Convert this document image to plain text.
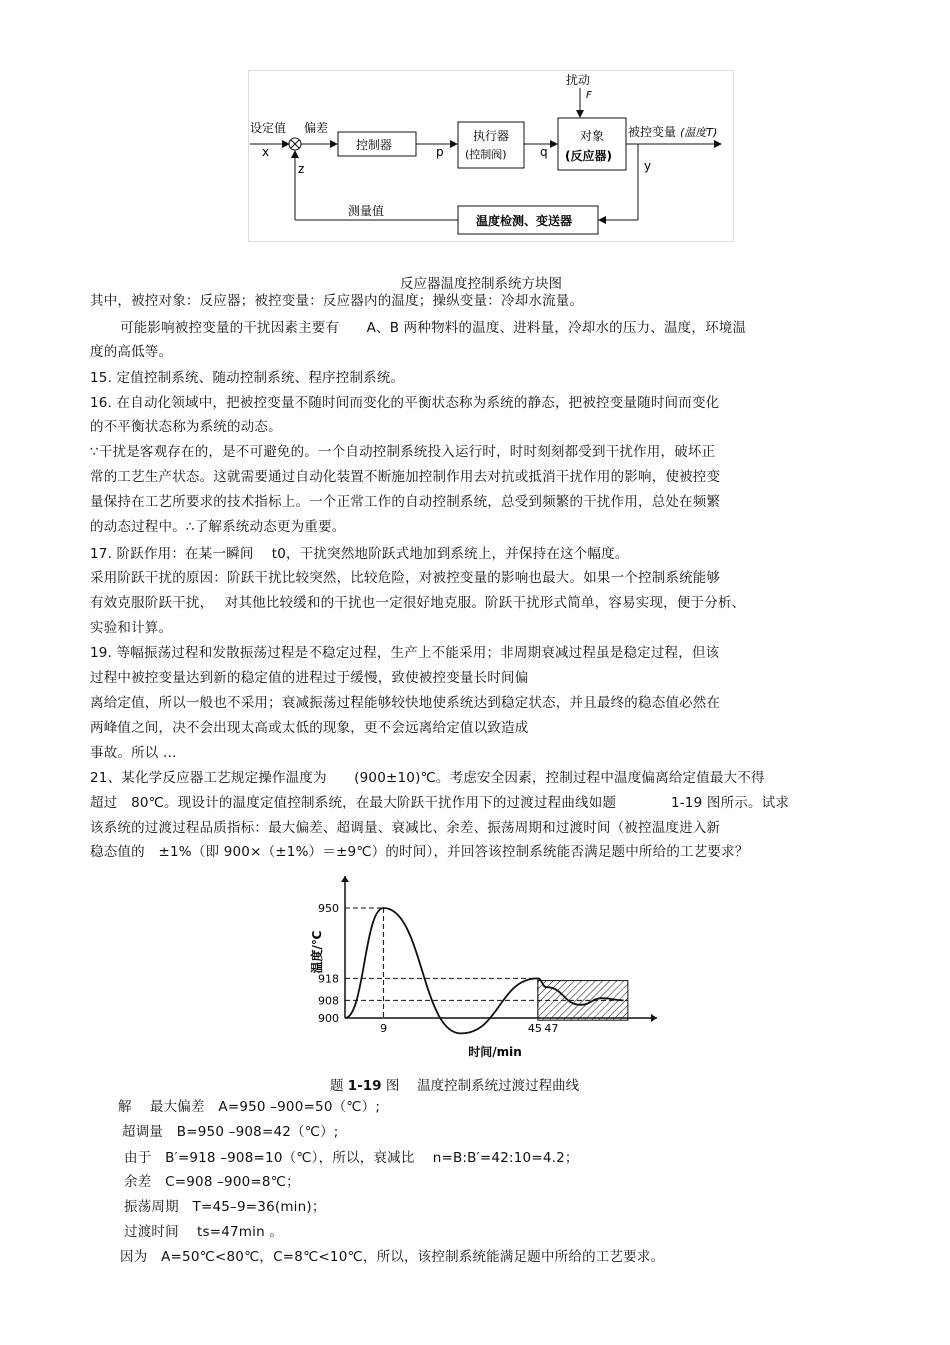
扰动
F
设定值
x
偏差
z
控制器	p
执行器
(控制阀)	q
对象
(反应器)
被控变量 (温度T)
y
温度检测、变送器
测量值
反应器温度控制系统方块图
其中，被控对象：反应器；被控变量：反应器内的温度；操纵变量：冷却水流量。
可能影响被控变量的干扰因素主要有　　A、B 两种物料的温度、进料量，冷却水的压力、温度，环境温
度的高低等。
15. 定值控制系统、随动控制系统、程序控制系统。
16. 在自动化领域中，把被控变量不随时间而变化的平衡状态称为系统的静态，把被控变量随时间而变化
的不平衡状态称为系统的动态。
∵干扰是客观存在的，是不可避免的。一个自动控制系统投入运行时，时时刻刻都受到干扰作用，破坏正
常的工艺生产状态。这就需要通过自动化装置不断施加控制作用去对抗或抵消干扰作用的影响，使被控变
量保持在工艺所要求的技术指标上。一个正常工作的自动控制系统，总受到频繁的干扰作用，总处在频繁
的动态过程中。∴了解系统动态更为重要。
17. 阶跃作用：在某一瞬间　 t0，干扰突然地阶跃式地加到系统上，并保持在这个幅度。
采用阶跃干扰的原因：阶跃干扰比较突然，比较危险，对被控变量的影响也最大。如果一个控制系统能够
有效克服阶跃干扰，　 对其他比较缓和的干扰也一定很好地克服。阶跃干扰形式简单，容易实现，便于分析、
实验和计算。
19. 等幅振荡过程和发散振荡过程是不稳定过程，生产上不能采用；非周期衰减过程虽是稳定过程，但该
过程中被控变量达到新的稳定值的进程过于缓慢，致使被控变量长时间偏
离给定值，所以一般也不采用；衰减振荡过程能够较快地使系统达到稳定状态，并且最终的稳态值必然在
两峰值之间，决不会出现太高或太低的现象，更不会远离给定值以致造成
事故。所以 ...
21、某化学反应器工艺规定操作温度为　　(900±10)℃。考虑安全因素，控制过程中温度偏离给定值最大不得
超过　80℃。现设计的温度定值控制系统，在最大阶跃干扰作用下的过渡过程曲线如题　　　　1-19 图所示。试求
该系统的过渡过程品质指标：最大偏差、超调量、衰减比、余差、振荡周期和过渡时间（被控温度进入新
稳态值的　±1%（即 900×（±1%）＝±9℃）的时间），并回答该控制系统能否满足题中所给的工艺要求？
950
918
908
900
9	45 47
温度/℃
时间/min
题 1-19 图　 温度控制系统过渡过程曲线
解　 最大偏差　A=950 –900=50（℃）;
超调量　B=950 –908=42（℃）;
由于　B′=918 –908=10（℃），所以，衰减比　 n=B:B′=42:10=4.2；
余差　C=908 –900=8℃；
振荡周期　T=45–9=36(min)；
过渡时间　 ts=47min 。
因为　A=50℃<80℃，C=8℃<10℃，所以，该控制系统能满足题中所给的工艺要求。
